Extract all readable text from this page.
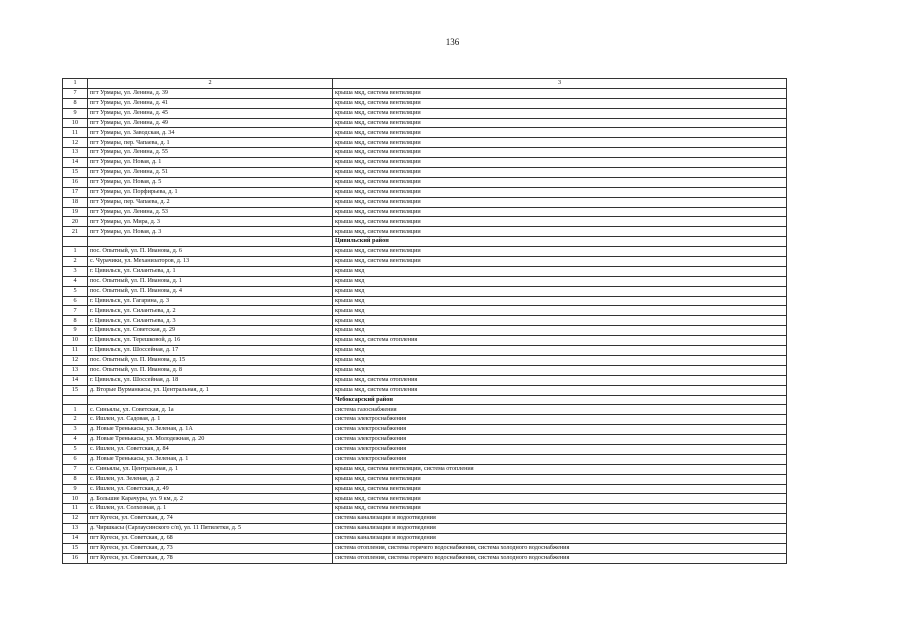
136
1	2	3
7	пгт Урмары, ул. Ленина, д. 39	крыша мкд, система вентиляции
8	пгт Урмары, ул. Ленина, д. 41	крыша мкд, система вентиляции
9	пгт Урмары, ул. Ленина, д. 45	крыша мкд, система вентиляции
10	пгт Урмары, ул. Ленина, д. 49	крыша мкд, система вентиляции
11	пгт Урмары, ул. Заводская, д. 34	крыша мкд, система вентиляции
12	пгт Урмары, пер. Чапаева, д. 1	крыша мкд, система вентиляции
13	пгт Урмары, ул. Ленина, д. 55	крыша мкд, система вентиляции
14	пгт Урмары, ул. Новая, д. 1	крыша мкд, система вентиляции
15	пгт Урмары, ул. Ленина, д. 51	крыша мкд, система вентиляции
16	пгт Урмары, ул. Новая, д. 5	крыша мкд, система вентиляции
17	пгт Урмары, ул. Порфирьева, д. 1	крыша мкд, система вентиляции
18	пгт Урмары, пер. Чапаева, д. 2	крыша мкд, система вентиляции
19	пгт Урмары, ул. Ленина, д. 53	крыша мкд, система вентиляции
20	пгт Урмары, ул. Мира, д. 3	крыша мкд, система вентиляции
21	пгт Урмары, ул. Новая, д. 3	крыша мкд, система вентиляции
		Цивильский район
1	пос. Опытный, ул. П. Иванова, д. 6	крыша мкд, система вентиляции
2	с. Чурачики, ул. Механизаторов, д. 13	крыша мкд, система вентиляции
3	г. Цивильск, ул. Силантьева, д. 1	крыша мкд
4	пос. Опытный, ул. П. Иванова, д. 1	крыша мкд
5	пос. Опытный, ул. П. Иванова, д. 4	крыша мкд
6	г. Цивильск, ул. Гагарина, д. 3	крыша мкд
7	г. Цивильск, ул. Силантьева, д. 2	крыша мкд
8	г. Цивильск, ул. Силантьева, д. 3	крыша мкд
9	г. Цивильск, ул. Советская, д. 29	крыша мкд
10	г. Цивильск, ул. Терешковой, д. 16	крыша мкд, система отопления
11	г. Цивильск, ул. Шоссейная, д. 17	крыша мкд
12	пос. Опытный, ул. П. Иванова, д. 15	крыша мкд
13	пос. Опытный, ул. П. Иванова, д. 8	крыша мкд
14	г. Цивильск, ул. Шоссейная, д. 18	крыша мкд, система отопления
15	д. Вторые Вурманкасы, ул. Центральная, д. 1	крыша мкд, система отопления
		Чебоксарский район
1	с. Синьялы, ул. Советская, д. 1а	система газоснабжения
2	с. Ишлеи, ул. Садовая, д. 1	система электроснабжения
3	д. Новые Тренькасы, ул. Зеленая, д. 1А	система электроснабжения
4	д. Новые Тренькасы, ул. Молодежная, д. 20	система электроснабжения
5	с. Ишлеи, ул. Советская, д. 84	система электроснабжения
6	д. Новые Тренькасы, ул. Зеленая, д. 1	система электроснабжения
7	с. Синьялы, ул. Центральная, д. 1	крыша мкд, система вентиляции, система отопления
8	с. Ишлеи, ул. Зеленая, д. 2	крыша мкд, система вентиляции
9	с. Ишлеи, ул. Советская, д. 49	крыша мкд, система вентиляции
10	д. Большие Карачуры, ул. 9 км, д. 2	крыша мкд, система вентиляции
11	с. Ишлеи, ул. Солхозная, д. 1	крыша мкд, система вентиляции
12	пгт Кугеси, ул. Советская, д. 74	система канализации и водоотведения
13	д. Чиршкасы (Сарлаусинского с/п), ул. 11 Пятилетки, д. 5	система канализации и водоотведения
14	пгт Кугеси, ул. Советская, д. 68	система канализации и водоотведения
15	пгт Кугеси, ул. Советская, д. 73	система отопления, система горячего водоснабжения, система холодного водоснабжения
16	пгт Кугеси, ул. Советская, д. 78	система отопления, система горячего водоснабжения, система холодного водоснабжения
